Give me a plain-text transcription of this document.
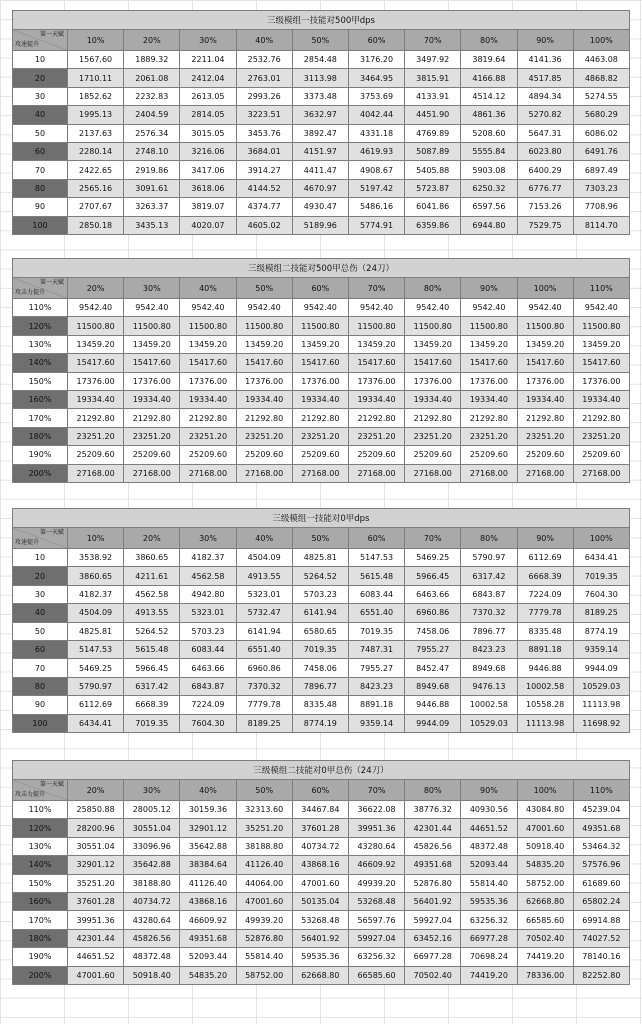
三级模组一技能对500甲dps										

第一天赋
攻速提升	10%	20%	30%	40%	50%	60%	70%	80%	90%	100%
10	1567.60	1889.32	2211.04	2532.76	2854.48	3176.20	3497.92	3819.64	4141.36	4463.08
20	1710.11	2061.08	2412.04	2763.01	3113.98	3464.95	3815.91	4166.88	4517.85	4868.82
30	1852.62	2232.83	2613.05	2993.26	3373.48	3753.69	4133.91	4514.12	4894.34	5274.55
40	1995.13	2404.59	2814.05	3223.51	3632.97	4042.44	4451.90	4861.36	5270.82	5680.29
50	2137.63	2576.34	3015.05	3453.76	3892.47	4331.18	4769.89	5208.60	5647.31	6086.02
60	2280.14	2748.10	3216.06	3684.01	4151.97	4619.93	5087.89	5555.84	6023.80	6491.76
70	2422.65	2919.86	3417.06	3914.27	4411.47	4908.67	5405.88	5903.08	6400.29	6897.49
80	2565.16	3091.61	3618.06	4144.52	4670.97	5197.42	5723.87	6250.32	6776.77	7303.23
90	2707.67	3263.37	3819.07	4374.77	4930.47	5486.16	6041.86	6597.56	7153.26	7708.96
100	2850.18	3435.13	4020.07	4605.02	5189.96	5774.91	6359.86	6944.80	7529.75	8114.70
三级模组二技能对500甲总伤（24刀）										

第一天赋
攻击力提升	20%	30%	40%	50%	60%	70%	80%	90%	100%	110%
110%	9542.40	9542.40	9542.40	9542.40	9542.40	9542.40	9542.40	9542.40	9542.40	9542.40
120%	11500.80	11500.80	11500.80	11500.80	11500.80	11500.80	11500.80	11500.80	11500.80	11500.80
130%	13459.20	13459.20	13459.20	13459.20	13459.20	13459.20	13459.20	13459.20	13459.20	13459.20
140%	15417.60	15417.60	15417.60	15417.60	15417.60	15417.60	15417.60	15417.60	15417.60	15417.60
150%	17376.00	17376.00	17376.00	17376.00	17376.00	17376.00	17376.00	17376.00	17376.00	17376.00
160%	19334.40	19334.40	19334.40	19334.40	19334.40	19334.40	19334.40	19334.40	19334.40	19334.40
170%	21292.80	21292.80	21292.80	21292.80	21292.80	21292.80	21292.80	21292.80	21292.80	21292.80
180%	23251.20	23251.20	23251.20	23251.20	23251.20	23251.20	23251.20	23251.20	23251.20	23251.20
190%	25209.60	25209.60	25209.60	25209.60	25209.60	25209.60	25209.60	25209.60	25209.60	25209.60
200%	27168.00	27168.00	27168.00	27168.00	27168.00	27168.00	27168.00	27168.00	27168.00	27168.00
三级模组一技能对0甲dps										

第一天赋
攻速提升	10%	20%	30%	40%	50%	60%	70%	80%	90%	100%
10	3538.92	3860.65	4182.37	4504.09	4825.81	5147.53	5469.25	5790.97	6112.69	6434.41
20	3860.65	4211.61	4562.58	4913.55	5264.52	5615.48	5966.45	6317.42	6668.39	7019.35
30	4182.37	4562.58	4942.80	5323.01	5703.23	6083.44	6463.66	6843.87	7224.09	7604.30
40	4504.09	4913.55	5323.01	5732.47	6141.94	6551.40	6960.86	7370.32	7779.78	8189.25
50	4825.81	5264.52	5703.23	6141.94	6580.65	7019.35	7458.06	7896.77	8335.48	8774.19
60	5147.53	5615.48	6083.44	6551.40	7019.35	7487.31	7955.27	8423.23	8891.18	9359.14
70	5469.25	5966.45	6463.66	6960.86	7458.06	7955.27	8452.47	8949.68	9446.88	9944.09
80	5790.97	6317.42	6843.87	7370.32	7896.77	8423.23	8949.68	9476.13	10002.58	10529.03
90	6112.69	6668.39	7224.09	7779.78	8335.48	8891.18	9446.88	10002.58	10558.28	11113.98
100	6434.41	7019.35	7604.30	8189.25	8774.19	9359.14	9944.09	10529.03	11113.98	11698.92
三级模组二技能对0甲总伤（24刀）										

第一天赋
攻击力提升	20%	30%	40%	50%	60%	70%	80%	90%	100%	110%
110%	25850.88	28005.12	30159.36	32313.60	34467.84	36622.08	38776.32	40930.56	43084.80	45239.04
120%	28200.96	30551.04	32901.12	35251.20	37601.28	39951.36	42301.44	44651.52	47001.60	49351.68
130%	30551.04	33096.96	35642.88	38188.80	40734.72	43280.64	45826.56	48372.48	50918.40	53464.32
140%	32901.12	35642.88	38384.64	41126.40	43868.16	46609.92	49351.68	52093.44	54835.20	57576.96
150%	35251.20	38188.80	41126.40	44064.00	47001.60	49939.20	52876.80	55814.40	58752.00	61689.60
160%	37601.28	40734.72	43868.16	47001.60	50135.04	53268.48	56401.92	59535.36	62668.80	65802.24
170%	39951.36	43280.64	46609.92	49939.20	53268.48	56597.76	59927.04	63256.32	66585.60	69914.88
180%	42301.44	45826.56	49351.68	52876.80	56401.92	59927.04	63452.16	66977.28	70502.40	74027.52
190%	44651.52	48372.48	52093.44	55814.40	59535.36	63256.32	66977.28	70698.24	74419.20	78140.16
200%	47001.60	50918.40	54835.20	58752.00	62668.80	66585.60	70502.40	74419.20	78336.00	82252.80
